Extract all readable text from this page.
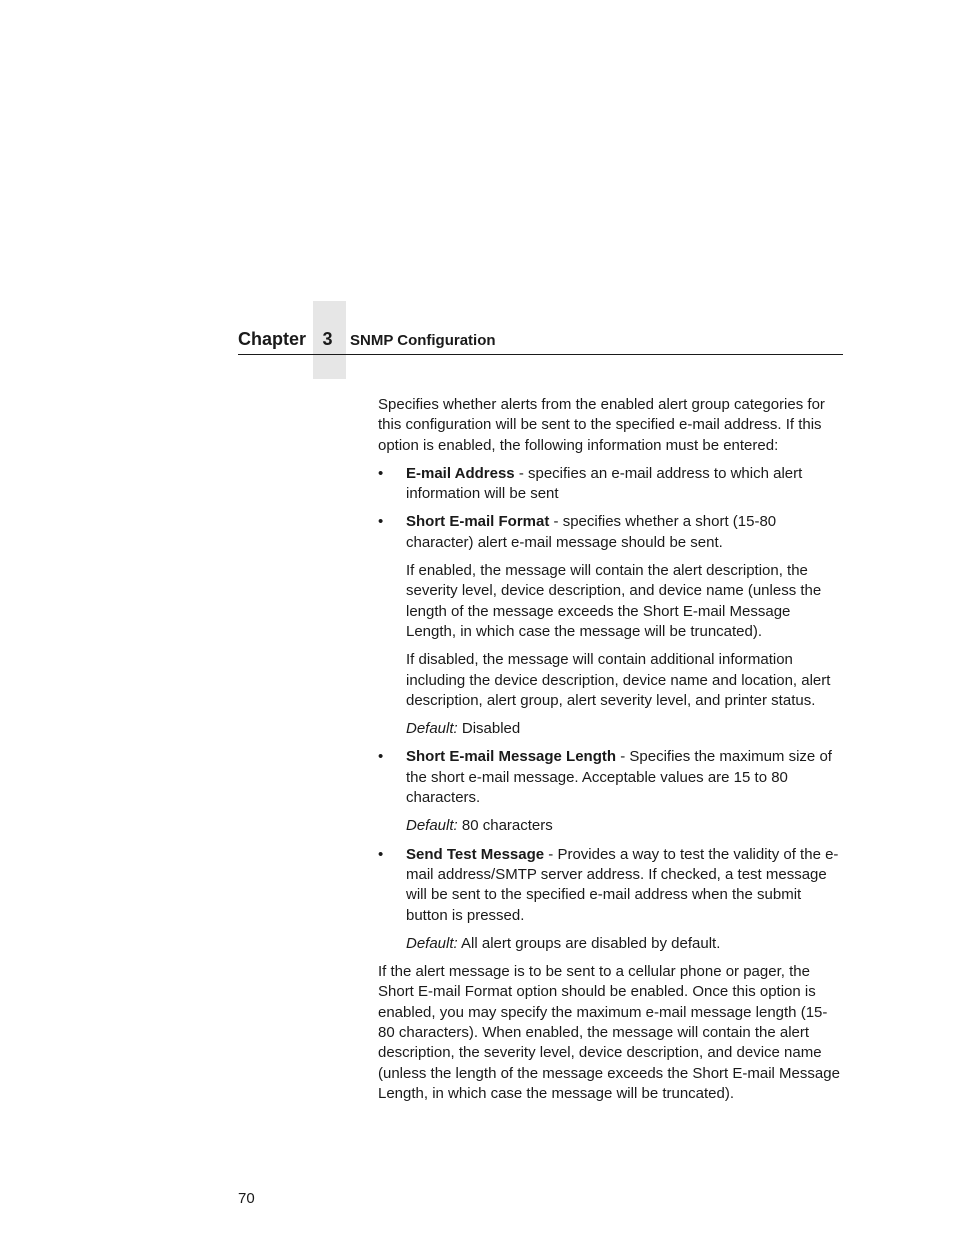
Chapter 3	SNMP Configuration

Specifies whether alerts from the enabled alert group categories for this configuration will be sent to the specified e-mail address. If this option is enabled, the following information must be entered:

• E-mail Address - specifies an e-mail address to which alert information will be sent
• Short E-mail Format - specifies whether a short (15-80 character) alert e-mail message should be sent.

If enabled, the message will contain the alert description, the severity level, device description, and device name (unless the length of the message exceeds the Short E-mail Message Length, in which case the message will be truncated).

If disabled, the message will contain additional information including the device description, device name and location, alert description, alert group, alert severity level, and printer status.

Default: Disabled

• Short E-mail Message Length - Specifies the maximum size of the short e-mail message. Acceptable values are 15 to 80 characters.

Default: 80 characters

• Send Test Message - Provides a way to test the validity of the e-mail address/SMTP server address. If checked, a test message will be sent to the specified e-mail address when the submit button is pressed.

Default: All alert groups are disabled by default.

If the alert message is to be sent to a cellular phone or pager, the Short E-mail Format option should be enabled. Once this option is enabled, you may specify the maximum e-mail message length (15-80 characters). When enabled, the message will contain the alert description, the severity level, device description, and device name (unless the length of the message exceeds the Short E-mail Message Length, in which case the message will be truncated).

70
